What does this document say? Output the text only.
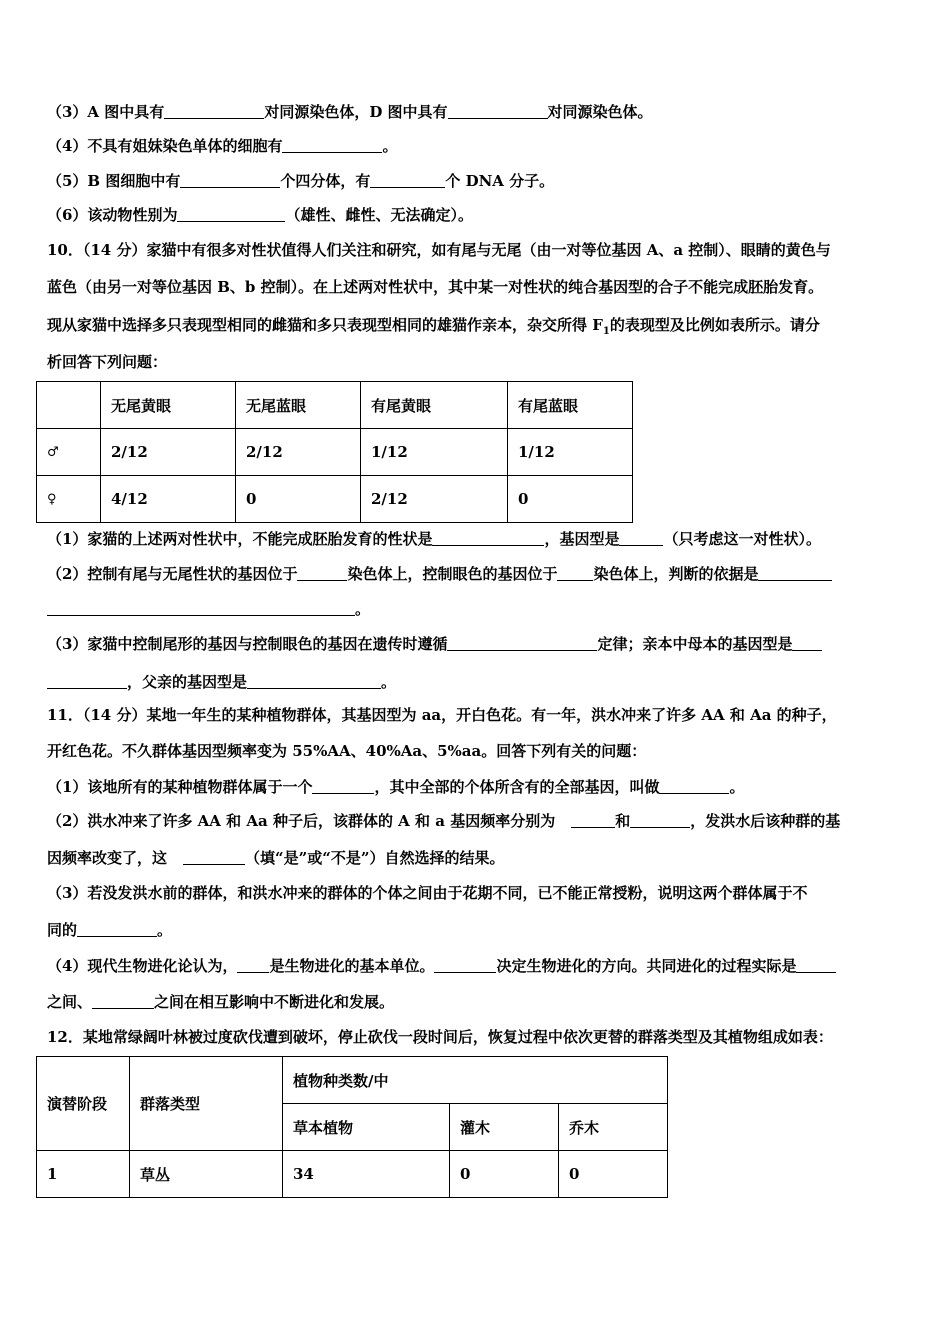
（3）A 图中具有	对同源染色体，D 图中具有	对同源染色体。
（4）不具有姐妹染色单体的细胞有	。
（5）B 图细胞中有	个四分体，有	个 DNA 分子。
（6）该动物性别为	（雄性、雌性、无法确定）。
10．（14 分）家猫中有很多对性状值得人们关注和研究，如有尾与无尾（由一对等位基因 A、a 控制）、眼睛的黄色与
蓝色（由另一对等位基因 B、b 控制）。在上述两对性状中，其中某一对性状的纯合基因型的合子不能完成胚胎发育。
现从家猫中选择多只表现型相同的雌猫和多只表现型相同的雄猫作亲本，杂交所得 $F_1$的表现型及比例如表所示。请分
析回答下列问题：
	无尾黄眼	无尾蓝眼	有尾黄眼	有尾蓝眼
♂	2/12	2/12	1/12	1/12
♀	4/12	0	2/12	0
（1）家猫的上述两对性状中，不能完成胚胎发育的性状是	，基因型是	（只考虑这一对性状）。
（2）控制有尾与无尾性状的基因位于	染色体上，控制眼色的基因位于 染色体上，判断的依据是
。
（3）家猫中控制尾形的基因与控制眼色的基因在遗传时遵循	定律；亲本中母本的基因型是
，父亲的基因型是	。
11．（14 分）某地一年生的某种植物群体，其基因型为 aa，开白色花。有一年，洪水冲来了许多 AA 和 Aa 的种子，
开红色花。不久群体基因型频率变为 55%AA、40%Aa、5%aa。回答下列有关的问题：
（1）该地所有的某种植物群体属于一个	，其中全部的个体所含有的全部基因，叫做	。
（2）洪水冲来了许多 AA 和 Aa 种子后，该群体的 A 和 a 基因频率分别为	和	，发洪水后该种群的基
因频率改变了，这	（填“是”或“不是”）自然选择的结果。
（3）若没发洪水前的群体，和洪水冲来的群体的个体之间由于花期不同，已不能正常授粉，说明这两个群体属于不
同的	。
（4）现代生物进化论认为， 是生物进化的基本单位。	决定生物进化的方向。共同进化的过程实际是
之间、	之间在相互影响中不断进化和发展。
12．某地常绿阔叶林被过度砍伐遭到破坏，停止砍伐一段时间后，恢复过程中依次更替的群落类型及其植物组成如表：
演替阶段	群落类型	植物种类数/中		
		草本植物	灌木	乔木
1	草丛	34	0	0
